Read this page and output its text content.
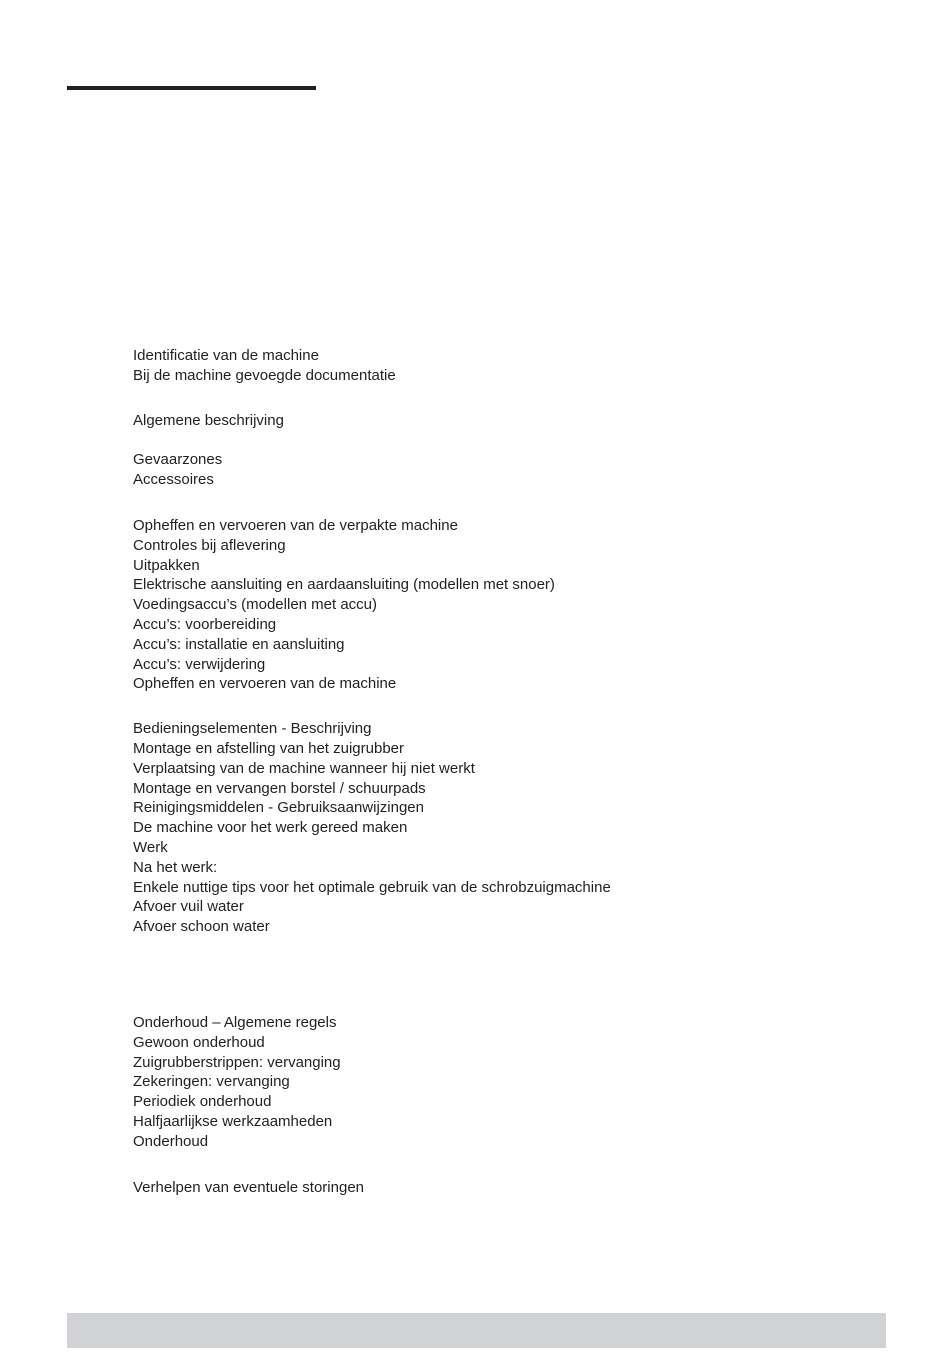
Identificatie van de machine
Bij de machine gevoegde documentatie
Algemene beschrijving
Gevaarzones
Accessoires
Opheffen en vervoeren van de verpakte machine
Controles bij aflevering
Uitpakken
Elektrische aansluiting en aardaansluiting (modellen met snoer)
Voedingsaccu’s (modellen met accu)
Accu’s: voorbereiding
Accu’s: installatie en aansluiting
Accu’s: verwijdering
Opheffen en vervoeren van de machine
Bedieningselementen - Beschrijving
Montage en afstelling van het zuigrubber
Verplaatsing van de machine wanneer hij niet werkt
Montage en vervangen borstel / schuurpads
Reinigingsmiddelen - Gebruiksaanwijzingen
De machine voor het werk gereed maken
Werk
Na het werk:
Enkele nuttige tips voor het optimale gebruik van de schrobzuigmachine
Afvoer vuil water
Afvoer schoon water
Onderhoud – Algemene regels
Gewoon onderhoud
Zuigrubberstrippen: vervanging
Zekeringen: vervanging
Periodiek onderhoud
Halfjaarlijkse werkzaamheden
Onderhoud
Verhelpen van eventuele storingen
